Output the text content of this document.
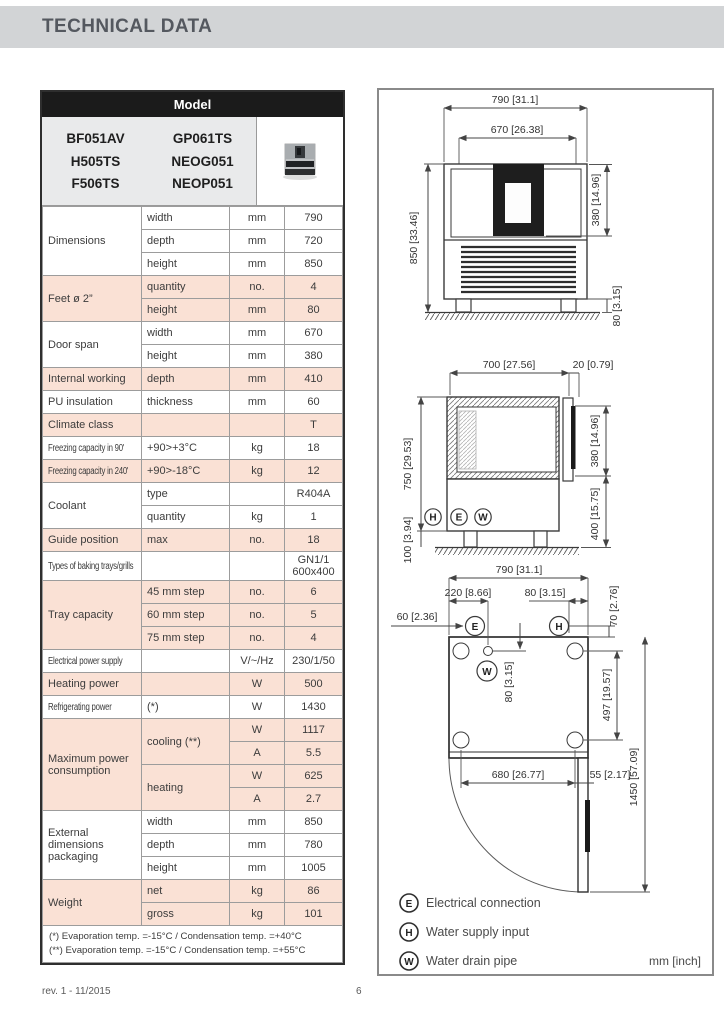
TECHNICAL DATA
Model
BF051AV
H505TS
F506TS
GP061TS
NEOG051
NEOP051
Dimensions	width	mm	790
	depth	mm	720
	height	mm	850
Feet ø 2”	quantity	no.	4
	height	mm	80
Door span	width	mm	670
	height	mm	380
Internal working	depth	mm	410
PU insulation	thickness	mm	60
Climate class			T
Freezing capacity in 90'	+90>+3°C	kg	18
Freezing capacity in 240'	+90>-18°C	kg	12
Coolant	type		R404A
	quantity	kg	1
Guide position	max	no.	18
Types of baking trays/grills			GN1/1 600x400
Tray capacity	45 mm step	no.	6
	60 mm step	no.	5
	75 mm step	no.	4
Electrical power supply		V/~/Hz	230/1/50
Heating power		W	500
Refrigerating power	(*)	W	1430
Maximum power consumption	cooling (**)	W	1117
		A	5.5
	heating	W	625
		A	2.7
External dimensions packaging	width	mm	850
	depth	mm	780
	height	mm	1005
Weight	net	kg	86
	gross	kg	101

(*) Evaporation temp. =-15°C / Condensation temp. =+40°C
(**) Evaporation temp. =-15°C / Condensation temp. =+55°C			
790 [31.1]
670 [26.38]
850 [33.46]
380 [14.96]
80 [3.15]
700 [27.56]	20 [0.79]
H E W
750 [29.53]
100 [3.94]
380 [14.96]
400 [15.75]
790 [31.1]
220 [8.66]	80 [3.15]
60 [2.36]
E	H
W 80 [3.15]
70 [2.76]
497 [19.57]
1450 [57.09]
680 [26.77]	55 [2.17]
E Electrical connection
H Water supply input
W Water drain pipe	mm [inch]
rev. 1 - 11/2015	6
